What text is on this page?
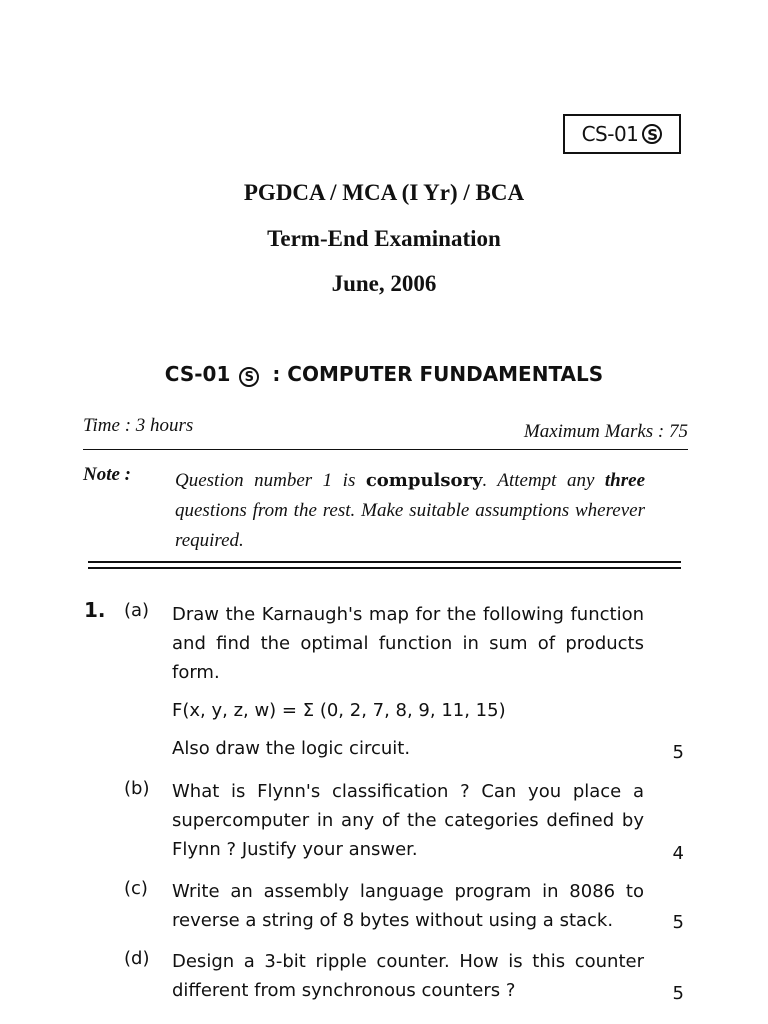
CS-01 S
PGDCA / MCA (I Yr) / BCA
Term-End Examination
June, 2006
CS-01 S : COMPUTER FUNDAMENTALS
Time : 3 hours	Maximum Marks : 75
Note : Question number 1 is compulsory. Attempt any three questions from the rest. Make suitable assumptions wherever required.
1. (a) Draw the Karnaugh's map for the following function and find the optimal function in sum of products form.
F(x, y, z, w) = Σ (0, 2, 7, 8, 9, 11, 15)
Also draw the logic circuit.	5
(b) What is Flynn's classification ? Can you place a supercomputer in any of the categories defined by Flynn ? Justify your answer.	4
(c) Write an assembly language program in 8086 to reverse a string of 8 bytes without using a stack.	5
(d) Design a 3-bit ripple counter. How is this counter different from synchronous counters ?	5
